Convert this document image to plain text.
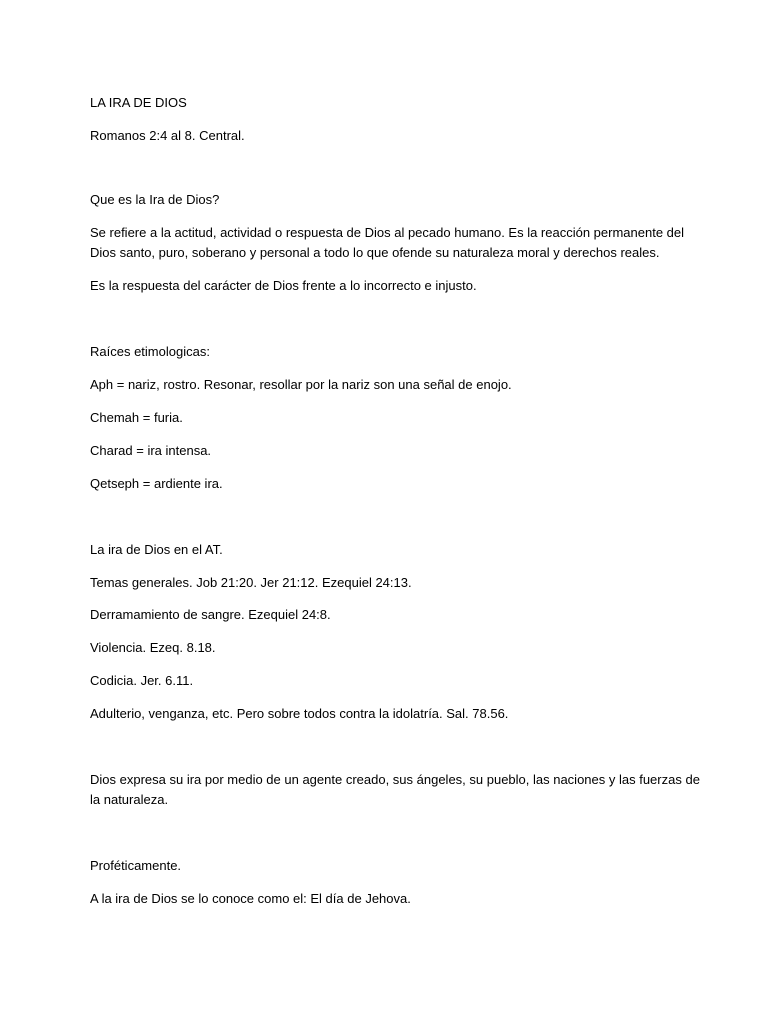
LA IRA DE DIOS

Romanos 2:4 al 8. Central.

Que es la Ira de Dios?

Se refiere a la actitud, actividad o respuesta de Dios al pecado humano. Es la reacción permanente del

Dios santo, puro, soberano y personal a todo lo que ofende su naturaleza moral y derechos reales.

Es la respuesta del carácter de Dios frente a lo incorrecto e injusto.

Raíces etimologicas:

Aph = nariz, rostro. Resonar, resollar por la nariz son una señal de enojo.

Chemah = furia.

Charad = ira intensa.

Qetseph = ardiente ira.

La ira de Dios en el AT.

Temas generales. Job 21:20. Jer 21:12. Ezequiel 24:13.

Derramamiento de sangre. Ezequiel 24:8.

Violencia. Ezeq. 8.18.

Codicia. Jer. 6.11.

Adulterio, venganza, etc. Pero sobre todos contra la idolatría. Sal. 78.56.

Dios expresa su ira por medio de un agente creado, sus ángeles, su pueblo, las naciones y las fuerzas de

la naturaleza.

Proféticamente.

A la ira de Dios se lo conoce como el: El día de Jehova.
